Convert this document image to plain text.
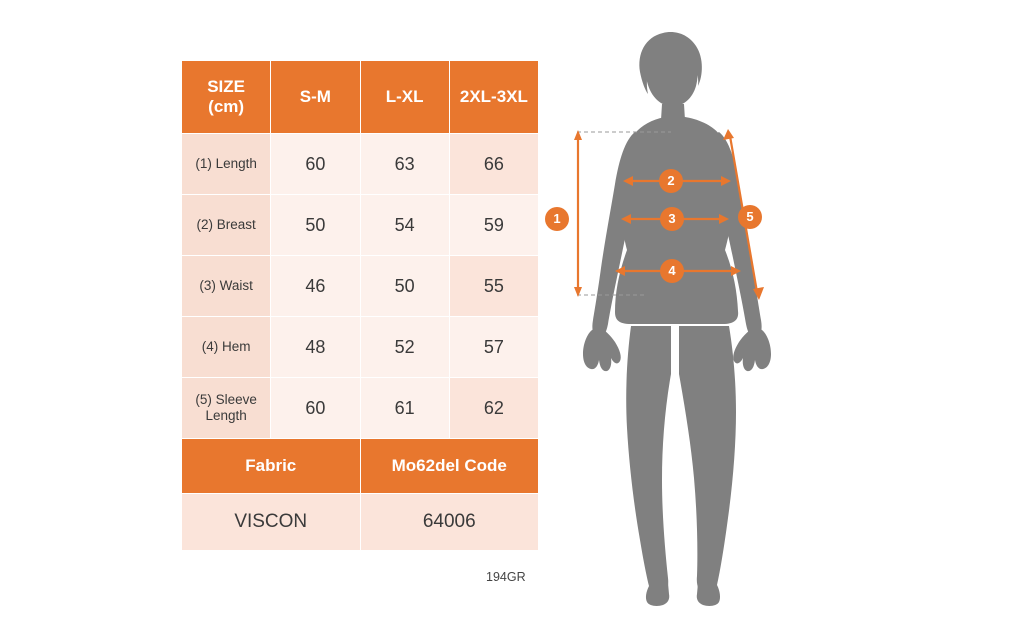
SIZE
(cm)	S-M	L-XL	2XL-3XL
(1) Length	60	63	66
(2) Breast	50	54	59
(3) Waist	46	50	55
(4) Hem	48	52	57
(5) Sleeve Length	60	61	62
Fabric		Mo62del Code	
VISCON		64006	
194GR
1
2
3
4
5
